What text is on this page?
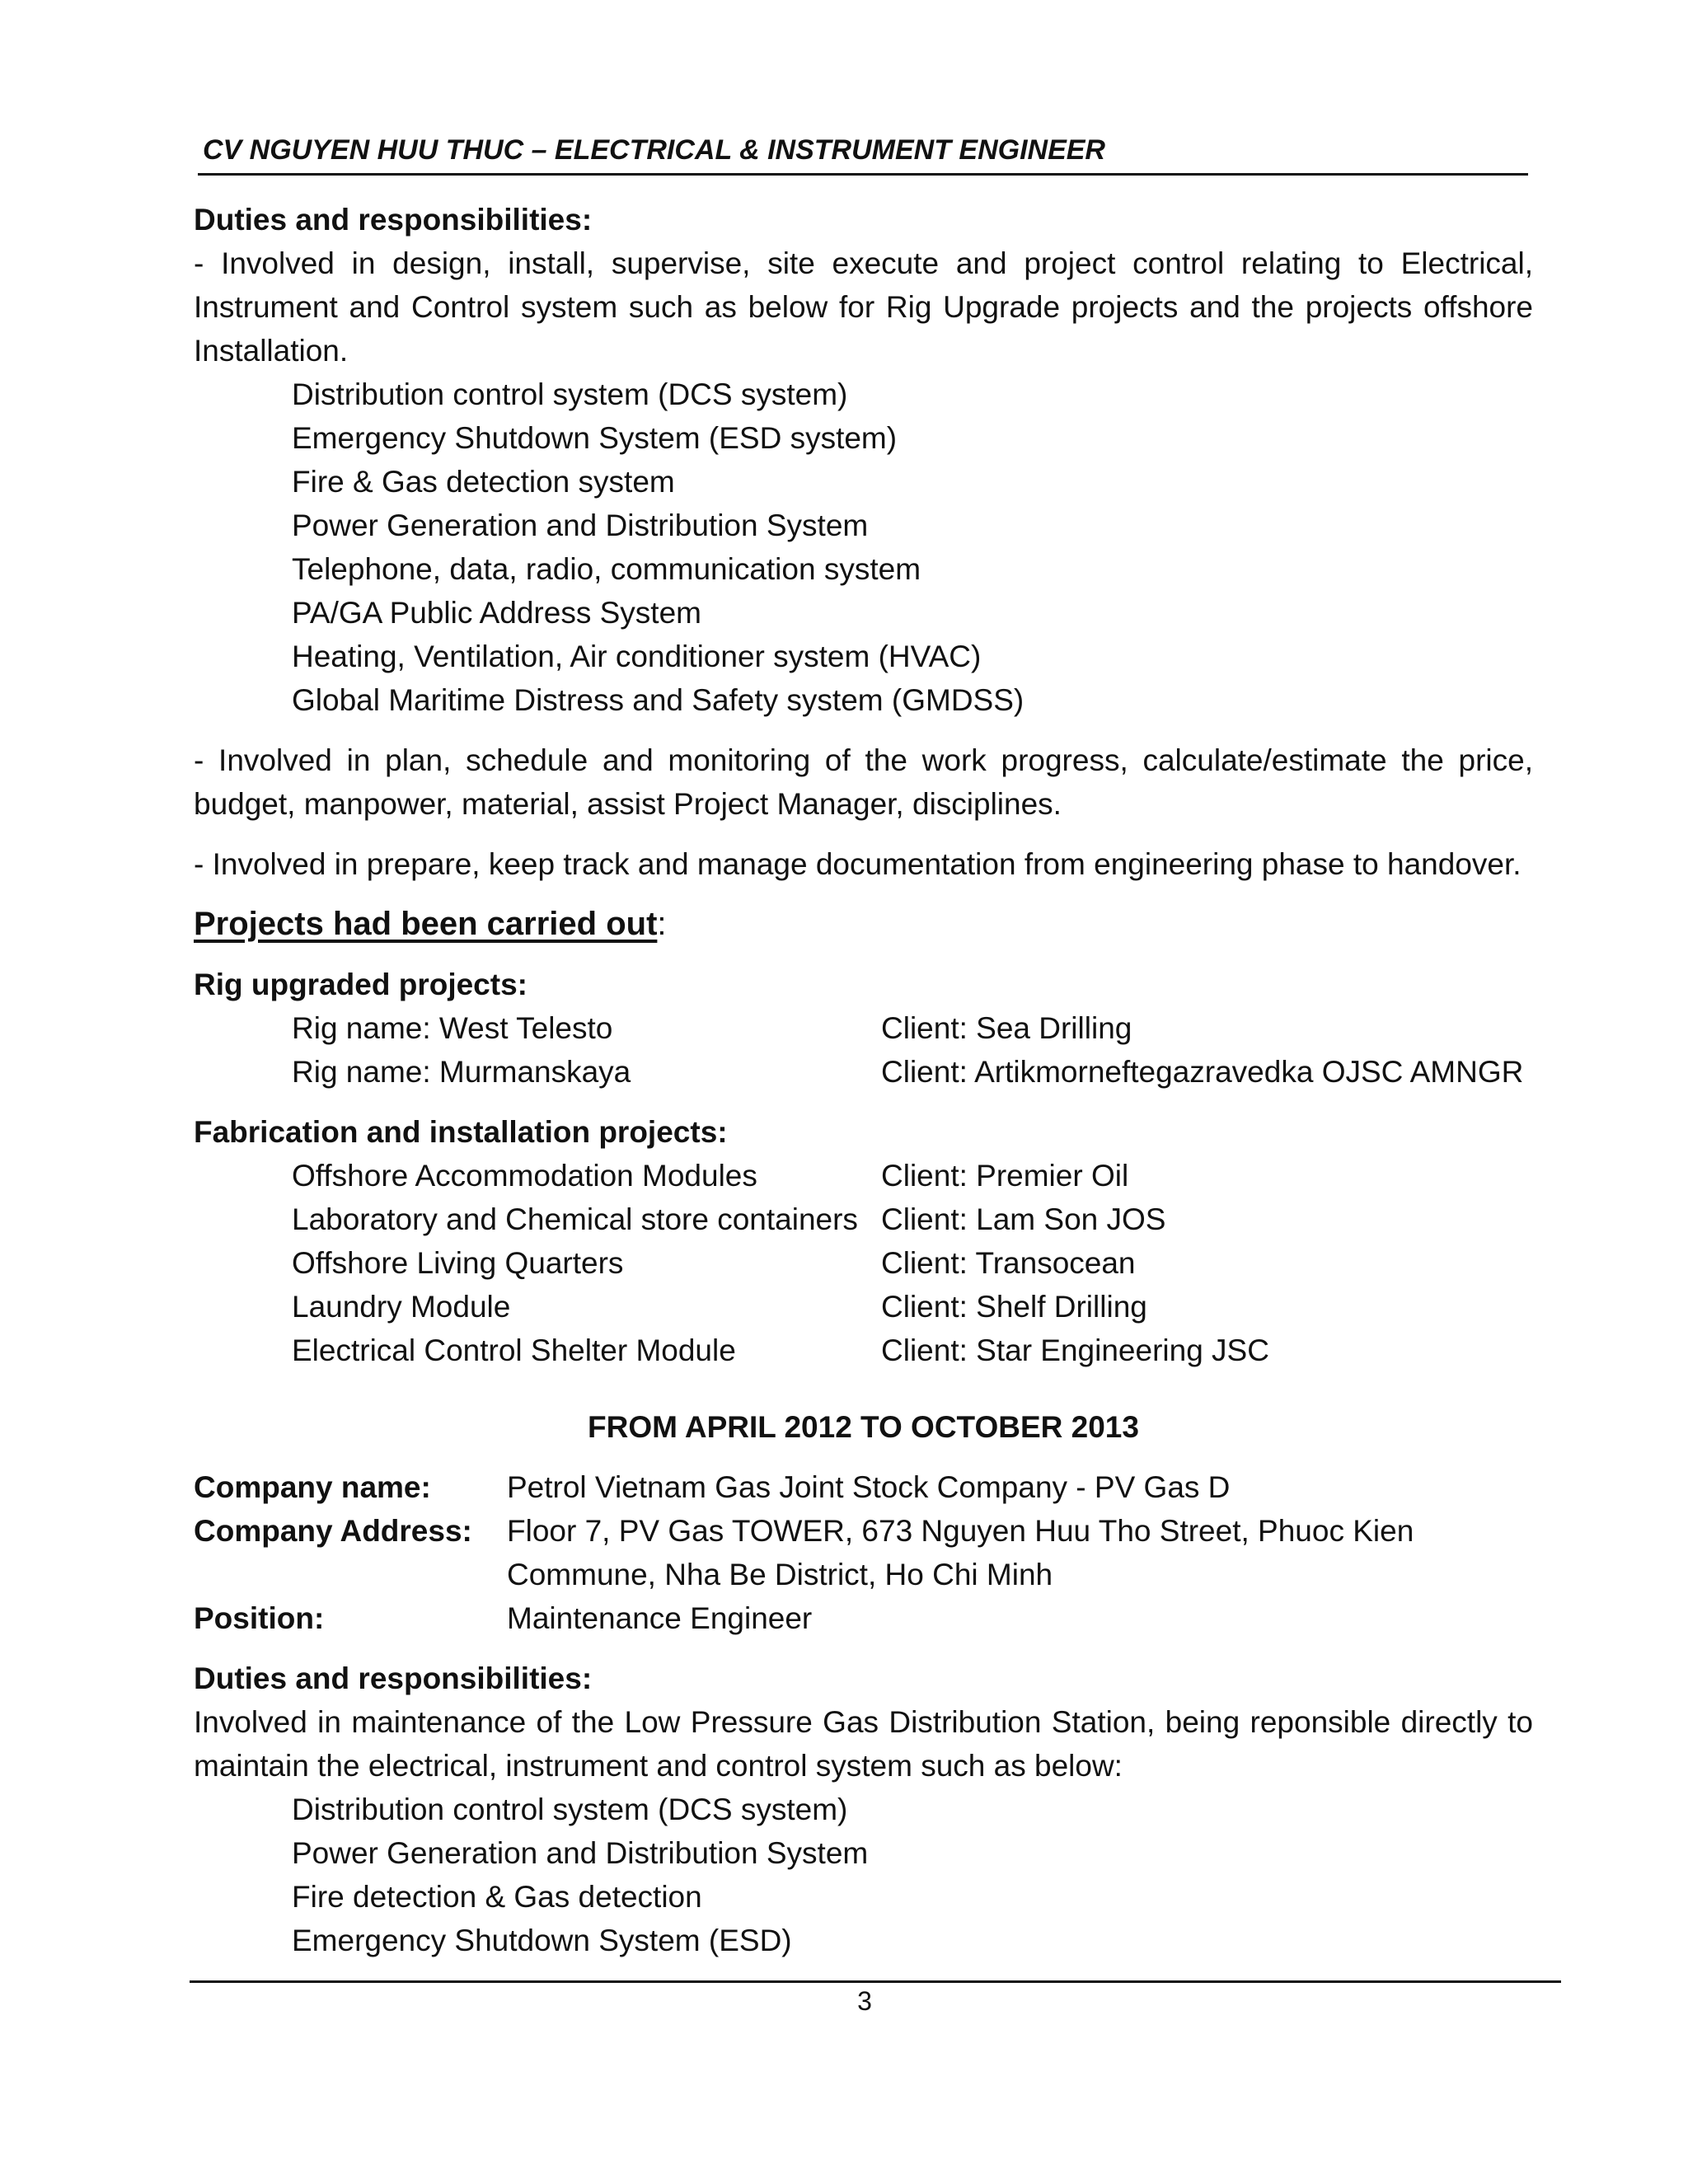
CV NGUYEN HUU THUC – ELECTRICAL & INSTRUMENT ENGINEER

Duties and responsibilities:

- Involved in design, install, supervise, site execute and project control relating to Electrical,

Instrument and Control system such as below for Rig Upgrade projects and the projects offshore

Installation.

Distribution control system (DCS system)

Emergency Shutdown System (ESD system)

Fire & Gas detection system

Power Generation and Distribution System

Telephone, data, radio, communication system

PA/GA Public Address System

Heating, Ventilation, Air conditioner system (HVAC)

Global Maritime Distress and Safety system (GMDSS)

- Involved in plan, schedule and monitoring of the work progress, calculate/estimate the price,

budget, manpower, material, assist Project Manager, disciplines.

- Involved in prepare, keep track and manage documentation from engineering phase to handover.

Projects had been carried out:

Rig upgraded projects:

Rig name: West Telesto	Client: Sea Drilling
Rig name: Murmanskaya	Client: Artikmorneftegazravedka OJSC AMNGR

Fabrication and installation projects:

Offshore Accommodation Modules	Client: Premier Oil
Laboratory and Chemical store containers Client: Lam Son JOS
Offshore Living Quarters	Client: Transocean
Laundry Module	Client: Shelf Drilling
Electrical Control Shelter Module	Client: Star Engineering JSC

FROM APRIL 2012 TO OCTOBER 2013

Company name:	Petrol Vietnam Gas Joint Stock Company - PV Gas D
Company Address:	Floor 7, PV Gas TOWER, 673 Nguyen Huu Tho Street, Phuoc Kien
Commune, Nha Be District, Ho Chi Minh
Position:	Maintenance Engineer

Duties and responsibilities:

Involved in maintenance of the Low Pressure Gas Distribution Station, being reponsible directly to

maintain the electrical, instrument and control system such as below:

Distribution control system (DCS system)

Power Generation and Distribution System

Fire detection & Gas detection

Emergency Shutdown System (ESD)

3
